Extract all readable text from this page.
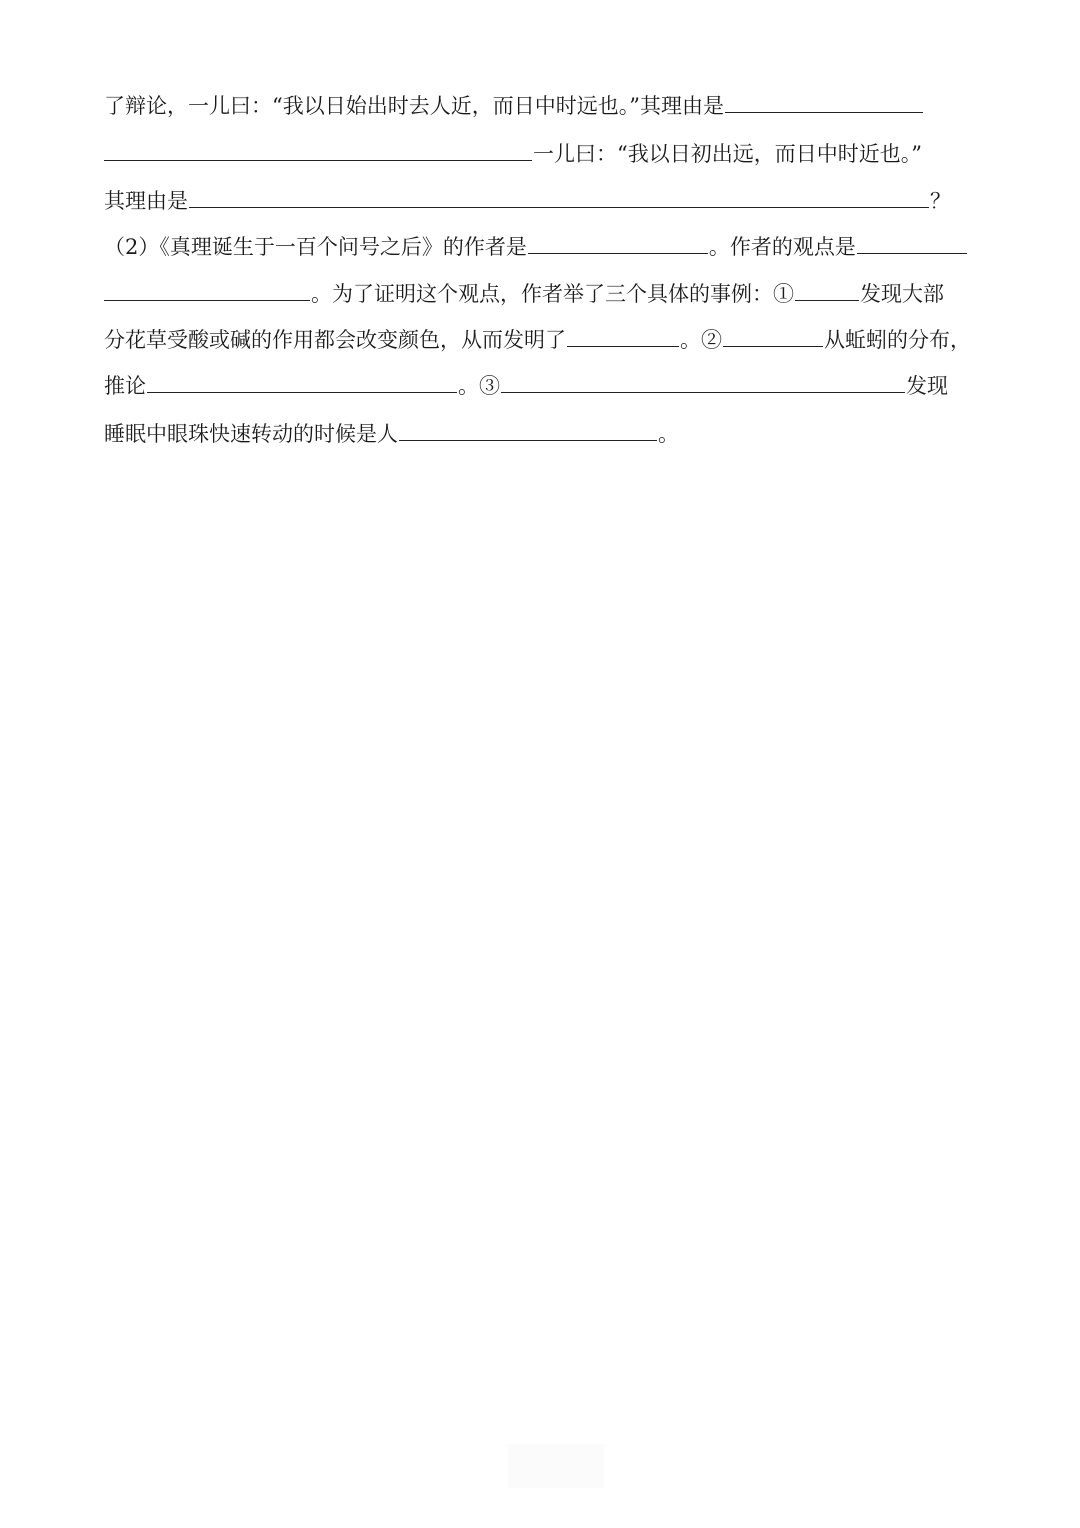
了辩论，一儿曰：“我以日始出时去人近，而日中时远也。”其理由是
一儿曰：“我以日初出远，而日中时近也。”
其理由是	？
（2）《真理诞生于一百个问号之后》的作者是	。作者的观点是
。为了证明这个观点，作者举了三个具体的事例：①	发现大部
分花草受酸或碱的作用都会改变颜色，从而发明了	。②	从蚯蚓的分布，
推论	。③	发现
睡眠中眼珠快速转动的时候是人	。
